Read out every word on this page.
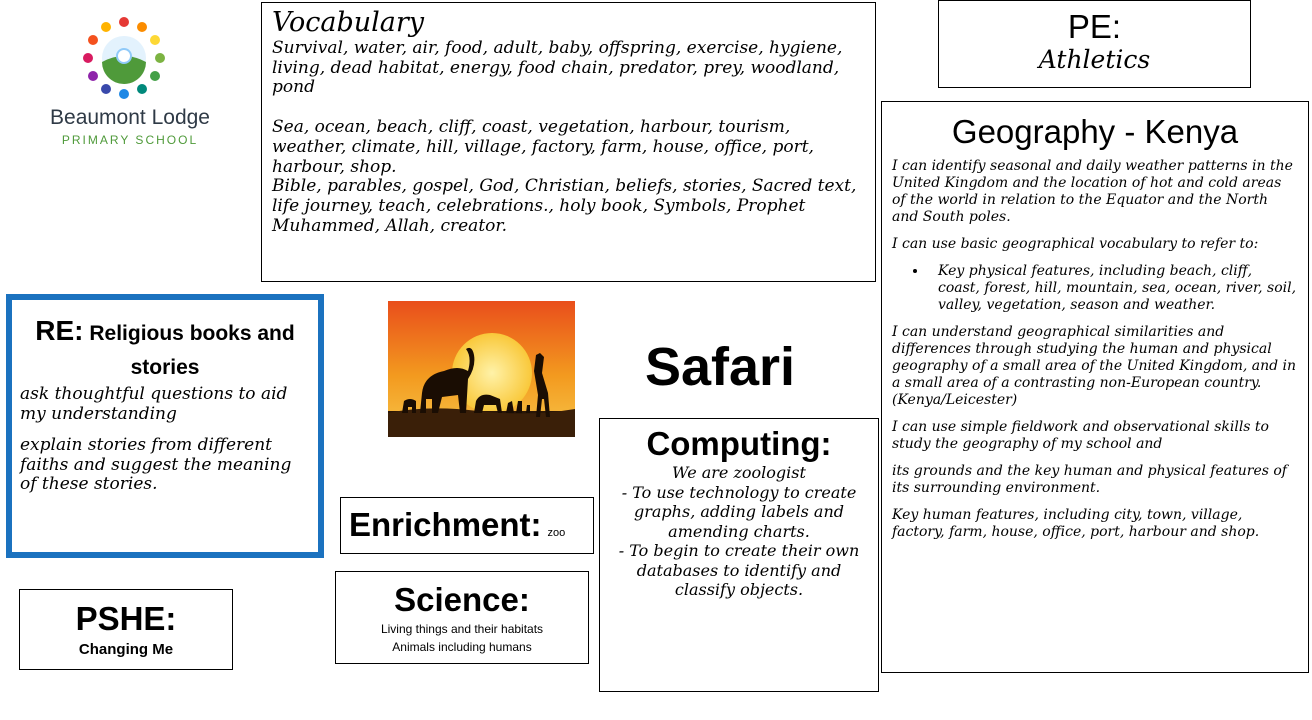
Beaumont Lodge
PRIMARY SCHOOL
Vocabulary

Survival, water, air, food, adult, baby, offspring, exercise, hygiene, living, dead habitat, energy, food chain, predator, prey, woodland, pond

Sea, ocean, beach, cliff, coast, vegetation, harbour, tourism, weather, climate, hill, village, factory, farm, house, office, port, harbour, shop.

Bible, parables, gospel, God, Christian, beliefs, stories, Sacred text, life journey, teach, celebrations., holy book, Symbols, Prophet Muhammed, Allah, creator.

PE:
Athletics
Geography - Kenya

I can identify seasonal and daily weather patterns in the United Kingdom and the location of hot and cold areas of the world in relation to the Equator and the North and South poles.

I can use basic geographical vocabulary to refer to:

• Key physical features, including beach, cliff, coast, forest, hill, mountain, sea, ocean, river, soil, valley, vegetation, season and weather.

I can understand geographical similarities and differences through studying the human and physical geography of a small area of the United Kingdom, and in a small area of a contrasting non-European country. (Kenya/Leicester)

I can use simple fieldwork and observational skills to study the geography of my school and

its grounds and the key human and physical features of its surrounding environment.

Key human features, including city, town, village, factory, farm, house, office, port, harbour and shop.

RE: Religious books and stories

ask thoughtful questions to aid my understanding

explain stories from different faiths and suggest the meaning of these stories.

Safari
Computing:

We are zoologist

- To use technology to create graphs, adding labels and amending charts.

- To begin to create their own databases to identify and classify objects.

Enrichment: zoo
Science:
Living things and their habitats
Animals including humans
PSHE:
Changing Me
